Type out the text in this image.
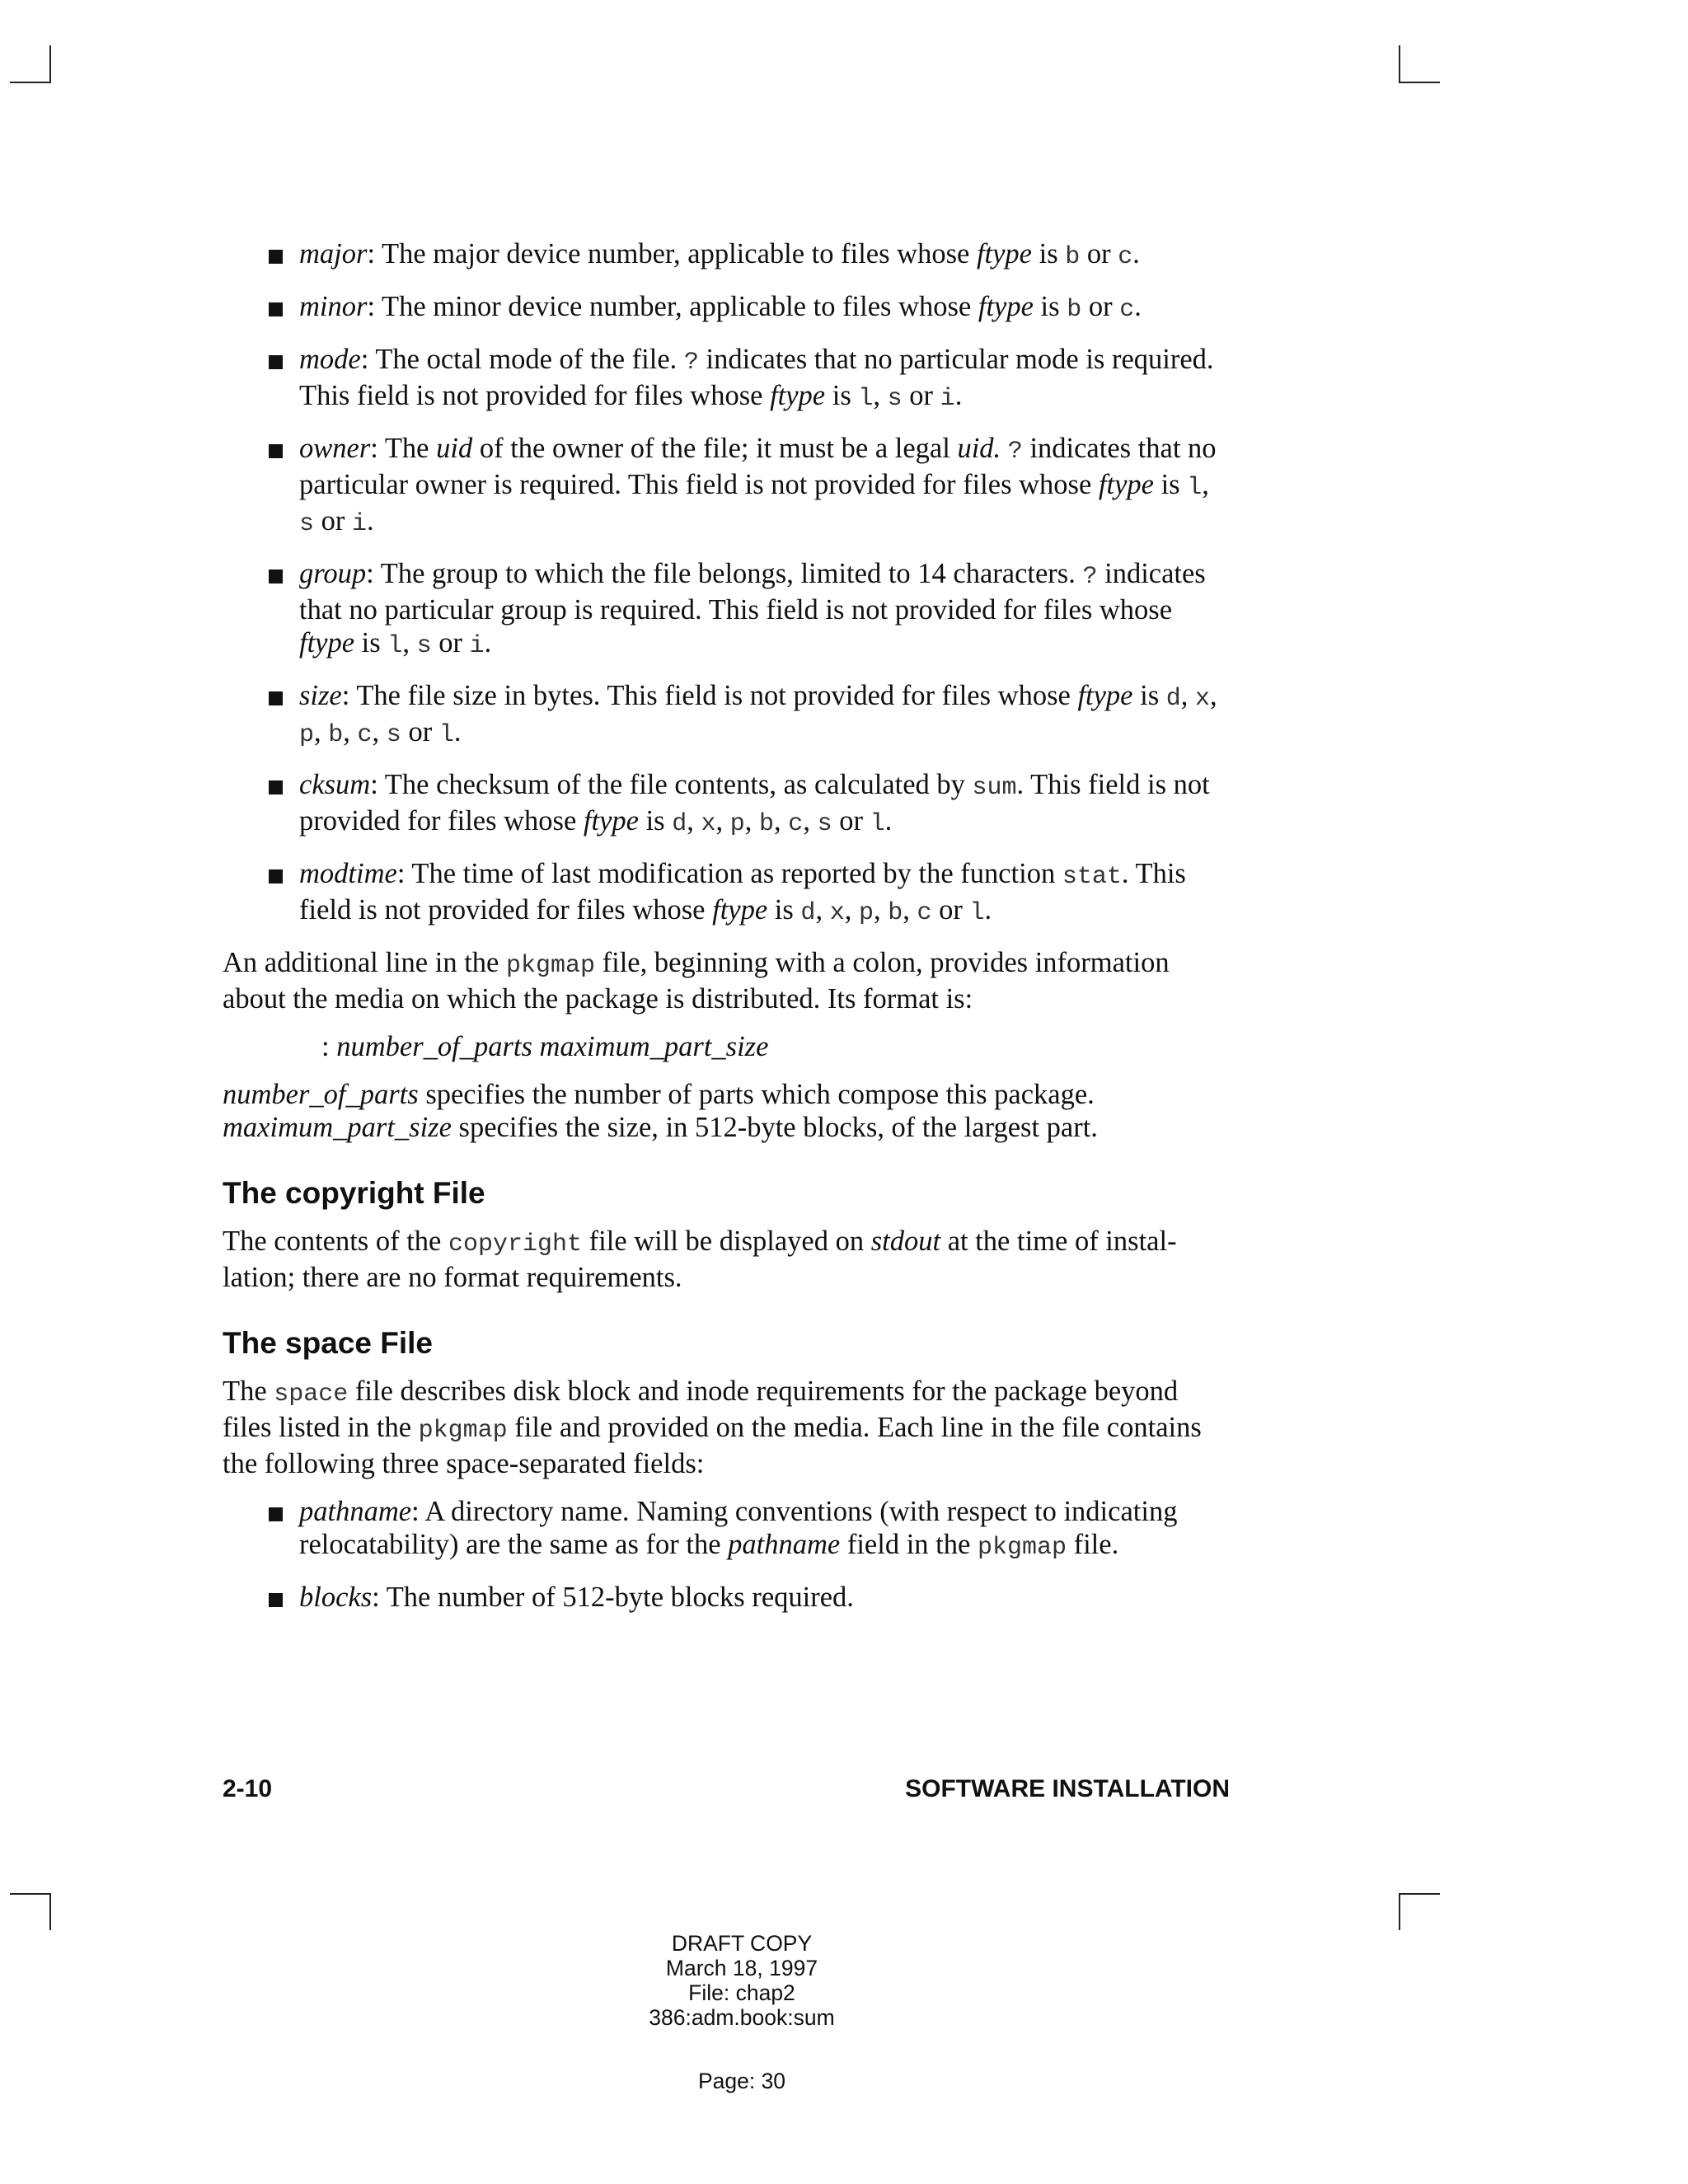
major: The major device number, applicable to files whose ftype is b or c.
minor: The minor device number, applicable to files whose ftype is b or c.
mode: The octal mode of the file. ? indicates that no particular mode is required. This field is not provided for files whose ftype is l, s or i.
owner: The uid of the owner of the file; it must be a legal uid. ? indicates that no particular owner is required. This field is not provided for files whose ftype is l, s or i.
group: The group to which the file belongs, limited to 14 characters. ? indicates that no particular group is required. This field is not provided for files whose ftype is l, s or i.
size: The file size in bytes. This field is not provided for files whose ftype is d, x, p, b, c, s or l.
cksum: The checksum of the file contents, as calculated by sum. This field is not provided for files whose ftype is d, x, p, b, c, s or l.
modtime: The time of last modification as reported by the function stat. This field is not provided for files whose ftype is d, x, p, b, c or l.

An additional line in the pkgmap file, beginning with a colon, provides information about the media on which the package is distributed. Its format is:

: number_of_parts maximum_part_size

number_of_parts specifies the number of parts which compose this package. maximum_part_size specifies the size, in 512-byte blocks, of the largest part.

The copyright File

The contents of the copyright file will be displayed on stdout at the time of installation; there are no format requirements.

The space File

The space file describes disk block and inode requirements for the package beyond files listed in the pkgmap file and provided on the media. Each line in the file contains the following three space-separated fields:

pathname: A directory name. Naming conventions (with respect to indicating relocatability) are the same as for the pathname field in the pkgmap file.
blocks: The number of 512-byte blocks required.
2-10	SOFTWARE INSTALLATION
DRAFT COPY
March 18, 1997
File: chap2
386:adm.book:sum
Page: 30
